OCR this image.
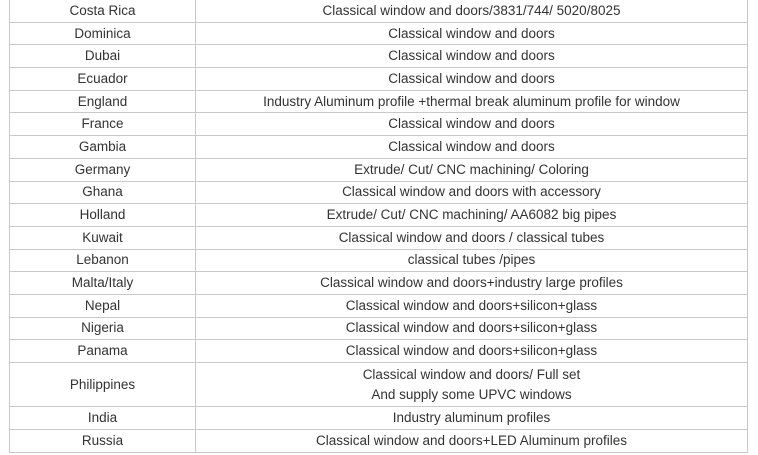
Costa Rica	Classical window and doors/3831/744/ 5020/8025
Dominica	Classical window and doors
Dubai	Classical window and doors
Ecuador	Classical window and doors
England	Industry Aluminum profile +thermal break aluminum profile for window
France	Classical window and doors
Gambia	Classical window and doors
Germany	Extrude/ Cut/ CNC machining/ Coloring
Ghana	Classical window and doors with accessory
Holland	Extrude/ Cut/ CNC machining/ AA6082 big pipes
Kuwait	Classical window and doors / classical tubes
Lebanon	classical tubes /pipes
Malta/Italy	Classical window and doors+industry large profiles
Nepal	Classical window and doors+silicon+glass
Nigeria	Classical window and doors+silicon+glass
Panama	Classical window and doors+silicon+glass
Philippines	Classical window and doors/ Full set
And supply some UPVC windows

India	Industry aluminum profiles
Russia	Classical window and doors+LED Aluminum profiles
